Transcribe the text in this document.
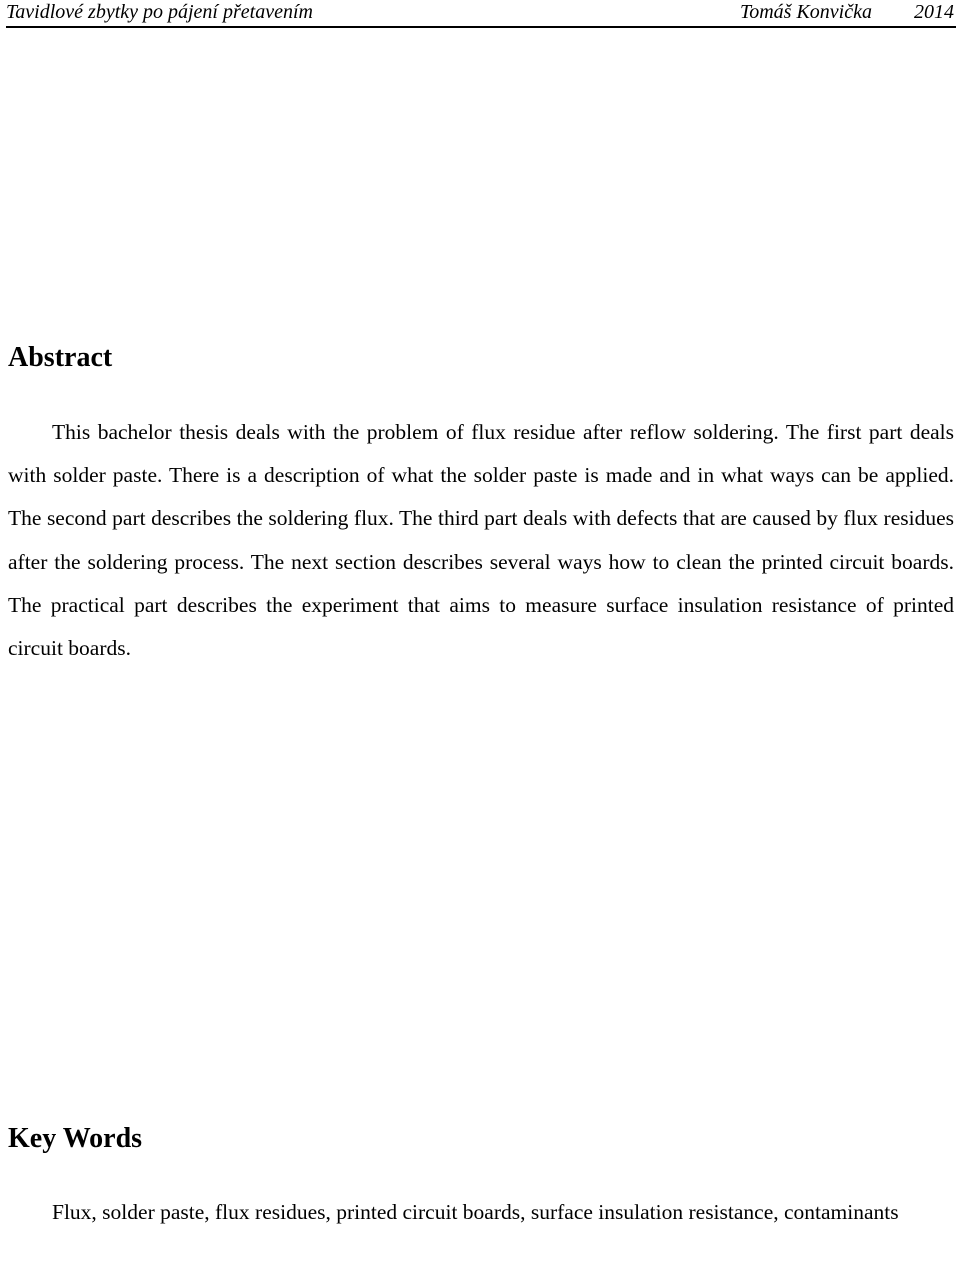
Tavidlové zbytky po pájení přetavením	Tomáš Konvička 2014
Abstract

This bachelor thesis deals with the problem of flux residue after reflow soldering. The first part deals with solder paste. There is a description of what the solder paste is made and in what ways can be applied. The second part describes the soldering flux. The third part deals with defects that are caused by flux residues after the soldering process. The next section describes several ways how to clean the printed circuit boards. The practical part describes the experiment that aims to measure surface insulation resistance of printed circuit boards.

Key Words

Flux, solder paste, flux residues, printed circuit boards, surface insulation resistance, contaminants
